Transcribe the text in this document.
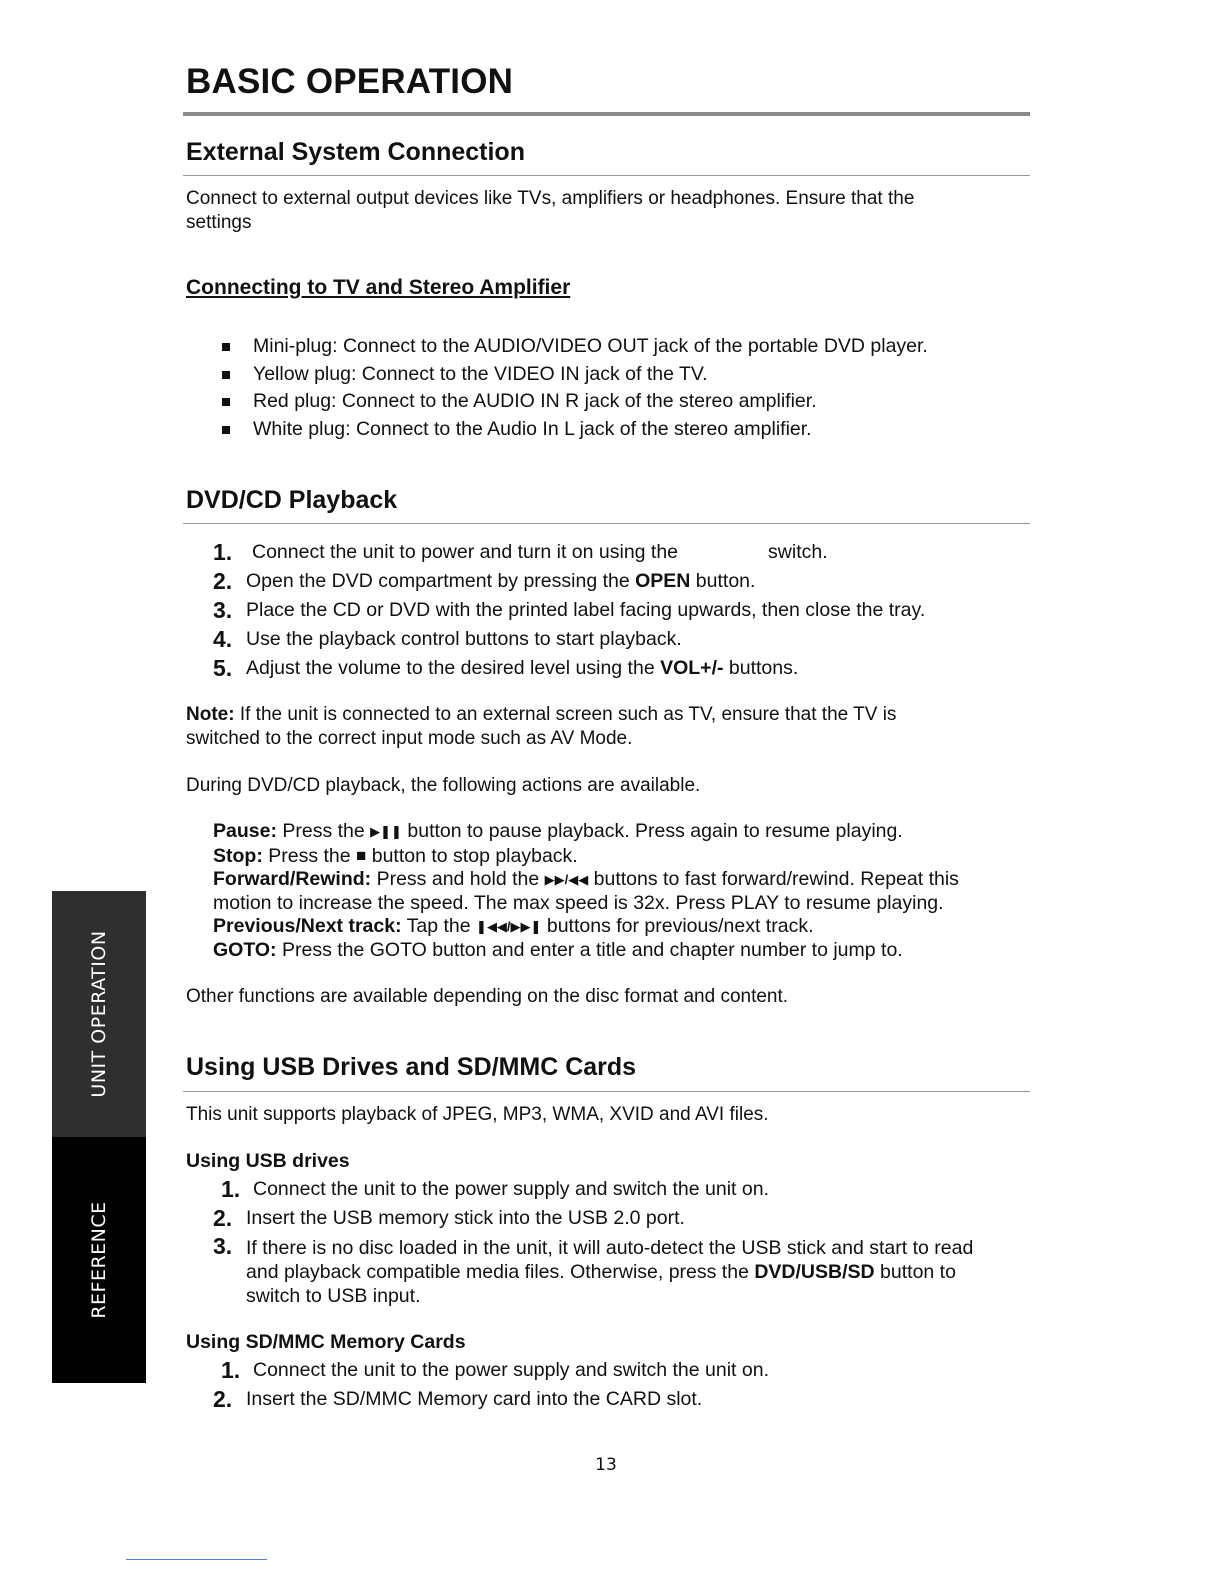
BASIC OPERATION
External System Connection
Connect to external output devices like TVs, amplifiers or headphones. Ensure that the
settings
Connecting to TV and Stereo Amplifier
Mini-plug: Connect to the AUDIO/VIDEO OUT jack of the portable DVD player.
Yellow plug: Connect to the VIDEO IN jack of the TV.
Red plug: Connect to the AUDIO IN R jack of the stereo amplifier.
White plug: Connect to the Audio In L jack of the stereo amplifier.
DVD/CD Playback
1. Connect the unit to power and turn it on using the	switch.
2. Open the DVD compartment by pressing the OPEN button.
3. Place the CD or DVD with the printed label facing upwards, then close the tray.
4. Use the playback control buttons to start playback.
5. Adjust the volume to the desired level using the VOL+/- buttons.
Note: If the unit is connected to an external screen such as TV, ensure that the TV is
switched to the correct input mode such as AV Mode.
During DVD/CD playback, the following actions are available.
Pause: Press the ▶❚❚ button to pause playback. Press again to resume playing.
Stop: Press the ■ button to stop playback.
Forward/Rewind: Press and hold the ▶▶/◀◀ buttons to fast forward/rewind. Repeat this
motion to increase the speed. The max speed is 32x. Press PLAY to resume playing.
Previous/Next track: Tap the ❚◀◀/▶▶❚ buttons for previous/next track.
GOTO: Press the GOTO button and enter a title and chapter number to jump to.
Other functions are available depending on the disc format and content.
Using USB Drives and SD/MMC Cards
This unit supports playback of JPEG, MP3, WMA, XVID and AVI files.
Using USB drives
1. Connect the unit to the power supply and switch the unit on.
2. Insert the USB memory stick into the USB 2.0 port.
3. If there is no disc loaded in the unit, it will auto-detect the USB stick and start to read
and playback compatible media files. Otherwise, press the DVD/USB/SD button to
switch to USB input.
Using SD/MMC Memory Cards
1. Connect the unit to the power supply and switch the unit on.
2. Insert the SD/MMC Memory card into the CARD slot.
UNIT OPERATION
REFERENCE
13
